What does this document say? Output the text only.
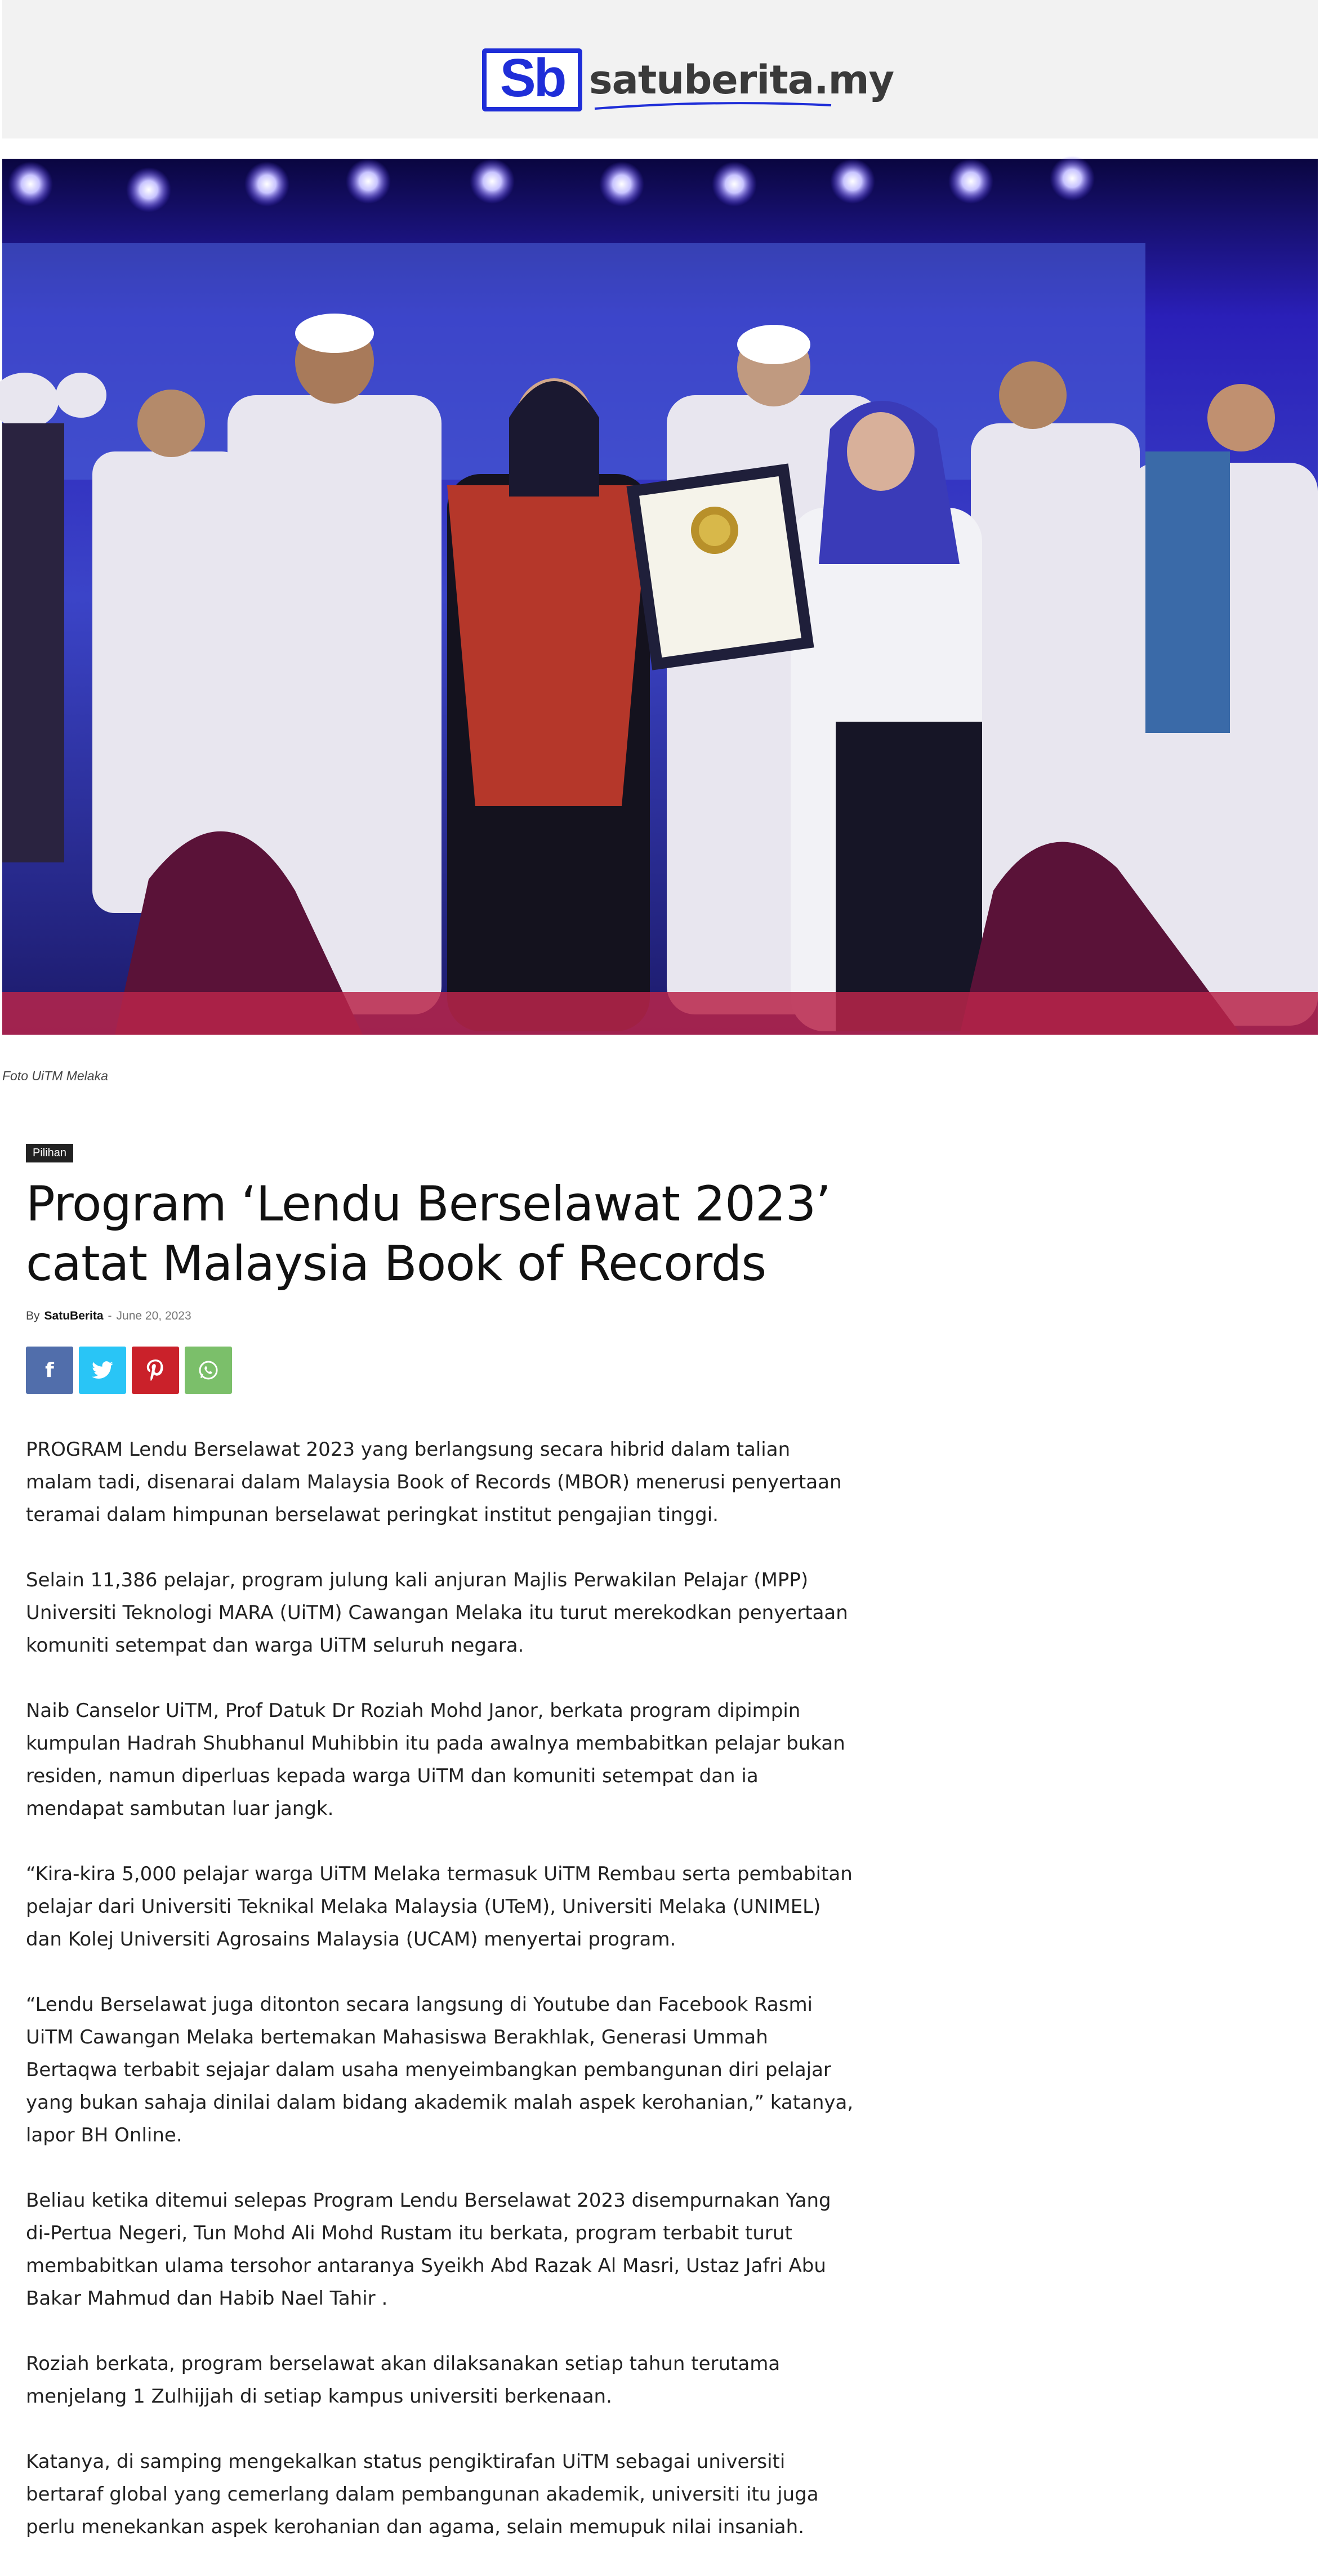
Sb satuberita.my
Foto UiTM Melaka
Pilihan
Program ‘Lendu Berselawat 2023’ catat Malaysia Book of Records
By SatuBerita - June 20, 2023
f

PROGRAM Lendu Berselawat 2023 yang berlangsung secara hibrid dalam talian malam tadi, disenarai dalam Malaysia Book of Records (MBOR) menerusi penyertaan teramai dalam himpunan berselawat peringkat institut pengajian tinggi.

Selain 11,386 pelajar, program julung kali anjuran Majlis Perwakilan Pelajar (MPP) Universiti Teknologi MARA (UiTM) Cawangan Melaka itu turut merekodkan penyertaan komuniti setempat dan warga UiTM seluruh negara.

Naib Canselor UiTM, Prof Datuk Dr Roziah Mohd Janor, berkata program dipimpin kumpulan Hadrah Shubhanul Muhibbin itu pada awalnya membabitkan pelajar bukan residen, namun diperluas kepada warga UiTM dan komuniti setempat dan ia mendapat sambutan luar jangk.

“Kira-kira 5,000 pelajar warga UiTM Melaka termasuk UiTM Rembau serta pembabitan pelajar dari Universiti Teknikal Melaka Malaysia (UTeM), Universiti Melaka (UNIMEL) dan Kolej Universiti Agrosains Malaysia (UCAM) menyertai program.

“Lendu Berselawat juga ditonton secara langsung di Youtube dan Facebook Rasmi UiTM Cawangan Melaka bertemakan Mahasiswa Berakhlak, Generasi Ummah Bertaqwa terbabit sejajar dalam usaha menyeimbangkan pembangunan diri pelajar yang bukan sahaja dinilai dalam bidang akademik malah aspek kerohanian,” katanya, lapor BH Online.

Beliau ketika ditemui selepas Program Lendu Berselawat 2023 disempurnakan Yang di-Pertua Negeri, Tun Mohd Ali Mohd Rustam itu berkata, program terbabit turut membabitkan ulama tersohor antaranya Syeikh Abd Razak Al Masri, Ustaz Jafri Abu Bakar Mahmud dan Habib Nael Tahir .

Roziah berkata, program berselawat akan dilaksanakan setiap tahun terutama menjelang 1 Zulhijjah di setiap kampus universiti berkenaan.

Katanya, di samping mengekalkan status pengiktirafan UiTM sebagai universiti bertaraf global yang cemerlang dalam pembangunan akademik, universiti itu juga perlu menekankan aspek kerohanian dan agama, selain memupuk nilai insaniah.
